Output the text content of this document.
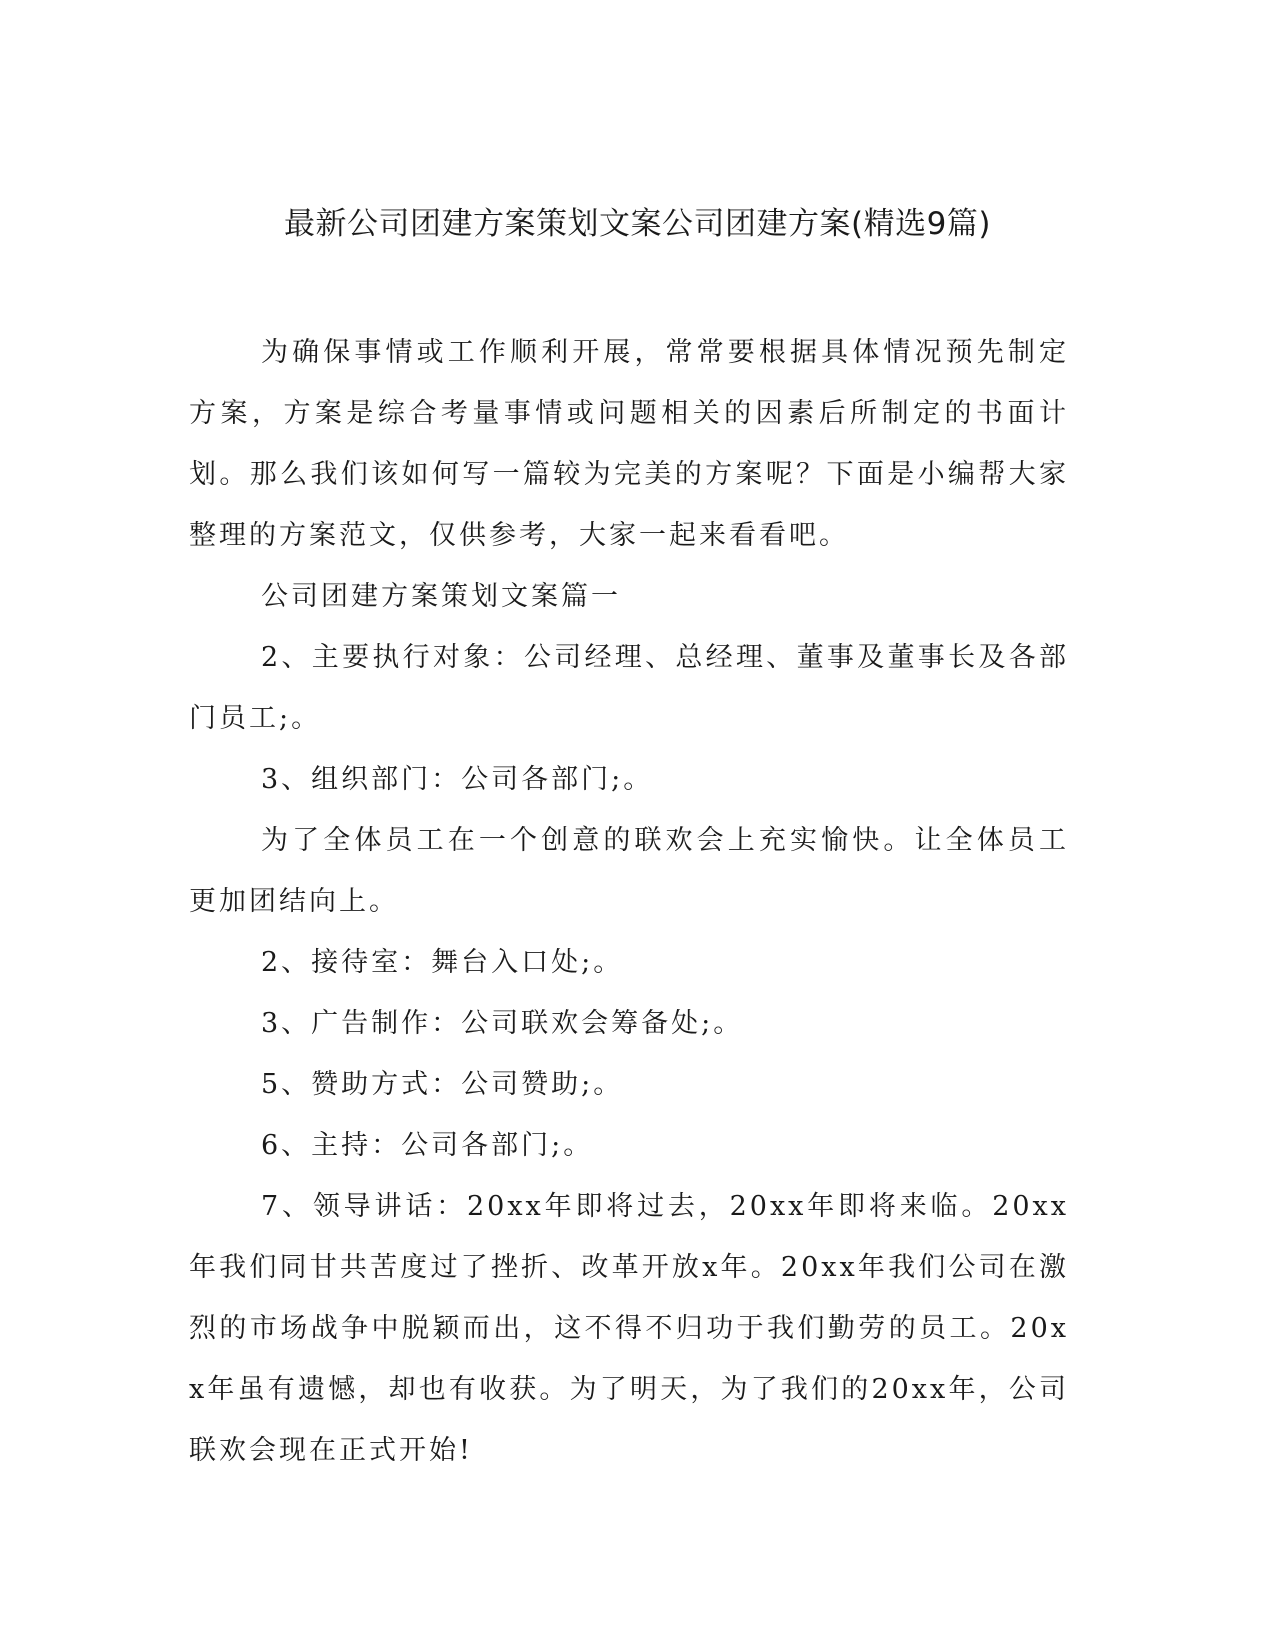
最新公司团建方案策划文案公司团建方案(精选9篇)

为确保事情或工作顺利开展，常常要根据具体情况预先制定方案，方案是综合考量事情或问题相关的因素后所制定的书面计划。那么我们该如何写一篇较为完美的方案呢？下面是小编帮大家整理的方案范文，仅供参考，大家一起来看看吧。

公司团建方案策划文案篇一

2、主要执行对象：公司经理、总经理、董事及董事长及各部门员工;。

3、组织部门：公司各部门;。

为了全体员工在一个创意的联欢会上充实愉快。让全体员工更加团结向上。

2、接待室：舞台入口处;。

3、广告制作：公司联欢会筹备处;。

5、赞助方式：公司赞助;。

6、主持：公司各部门;。

7、领导讲话：20xx年即将过去，20xx年即将来临。20xx年我们同甘共苦度过了挫折、改革开放x年。20xx年我们公司在激烈的市场战争中脱颖而出，这不得不归功于我们勤劳的员工。20xx年虽有遗憾，却也有收获。为了明天，为了我们的20xx年，公司联欢会现在正式开始!
